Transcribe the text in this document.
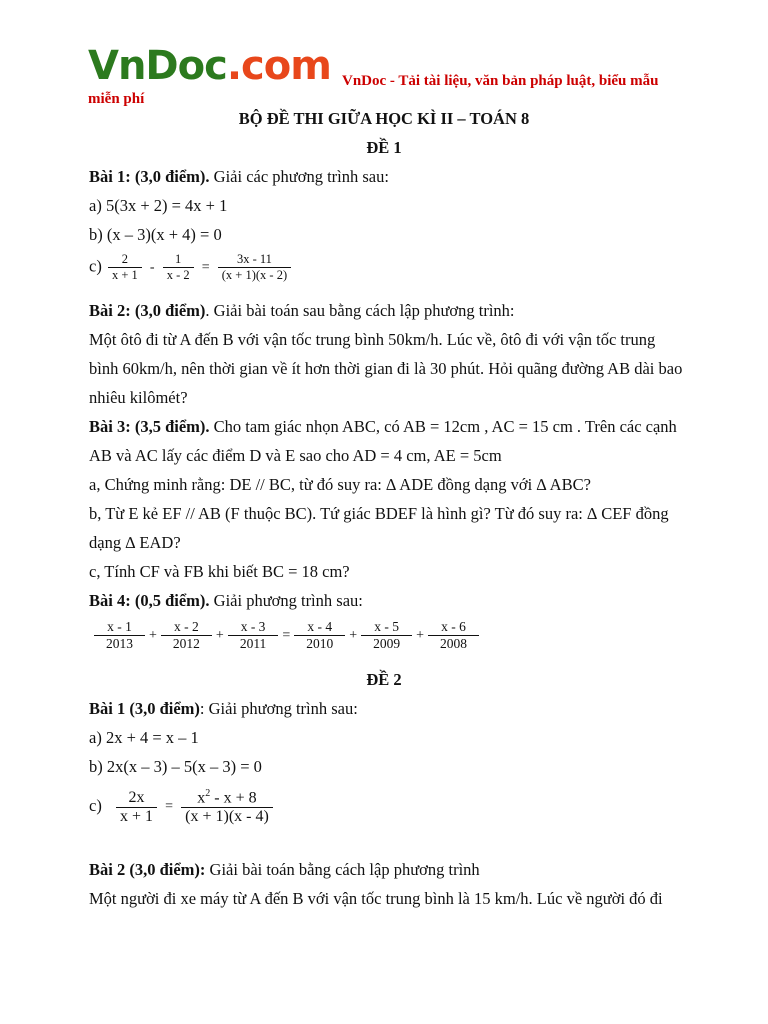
VnDoc.com VnDoc - Tải tài liệu, văn bản pháp luật, biểu mẫu
miễn phí
BỘ ĐỀ THI GIỮA HỌC KÌ II – TOÁN 8
ĐỀ 1
Bài 1: (3,0 điểm). Giải các phương trình sau:
a) 5(3x + 2) = 4x + 1
b) (x – 3)(x + 4) = 0
$c) \frac{2}{x + 1} - \frac{1}{x - 2} = \frac{3x - 11}{(x + 1)(x - 2)}$
Bài 2: (3,0 điểm). Giải bài toán sau bằng cách lập phương trình:
Một ôtô đi từ A đến B với vận tốc trung bình 50km/h. Lúc về, ôtô đi với vận tốc trung
bình 60km/h, nên thời gian về ít hơn thời gian đi là 30 phút. Hỏi quãng đường AB dài bao
nhiêu kilômét?
Bài 3: (3,5 điểm). Cho tam giác nhọn ABC, có AB = 12cm , AC = 15 cm . Trên các cạnh
AB và AC lấy các điểm D và E sao cho AD = 4 cm, AE = 5cm
a, Chứng minh rằng: DE // BC, từ đó suy ra: ∆ ADE đồng dạng với ∆ ABC?
b, Từ E kẻ EF // AB (F thuộc BC). Tứ giác BDEF là hình gì? Từ đó suy ra: ∆ CEF đồng
dạng ∆ EAD?
c, Tính CF và FB khi biết BC = 18 cm?
Bài 4: (0,5 điểm). Giải phương trình sau:
$\frac{x - 1}{2013} + \frac{x - 2}{2012} + \frac{x - 3}{2011} = \frac{x - 4}{2010} + \frac{x - 5}{2009} + \frac{x - 6}{2008}$
ĐỀ 2
Bài 1 (3,0 điểm): Giải phương trình sau:
a) 2x + 4 = x – 1
b) 2x(x – 3) – 5(x – 3) = 0
$c) \frac{2x}{x + 1} = \frac{x^2 - x + 8}{(x + 1)(x - 4)}$
Bài 2 (3,0 điểm): Giải bài toán bằng cách lập phương trình
Một người đi xe máy từ A đến B với vận tốc trung bình là 15 km/h. Lúc về người đó đi
